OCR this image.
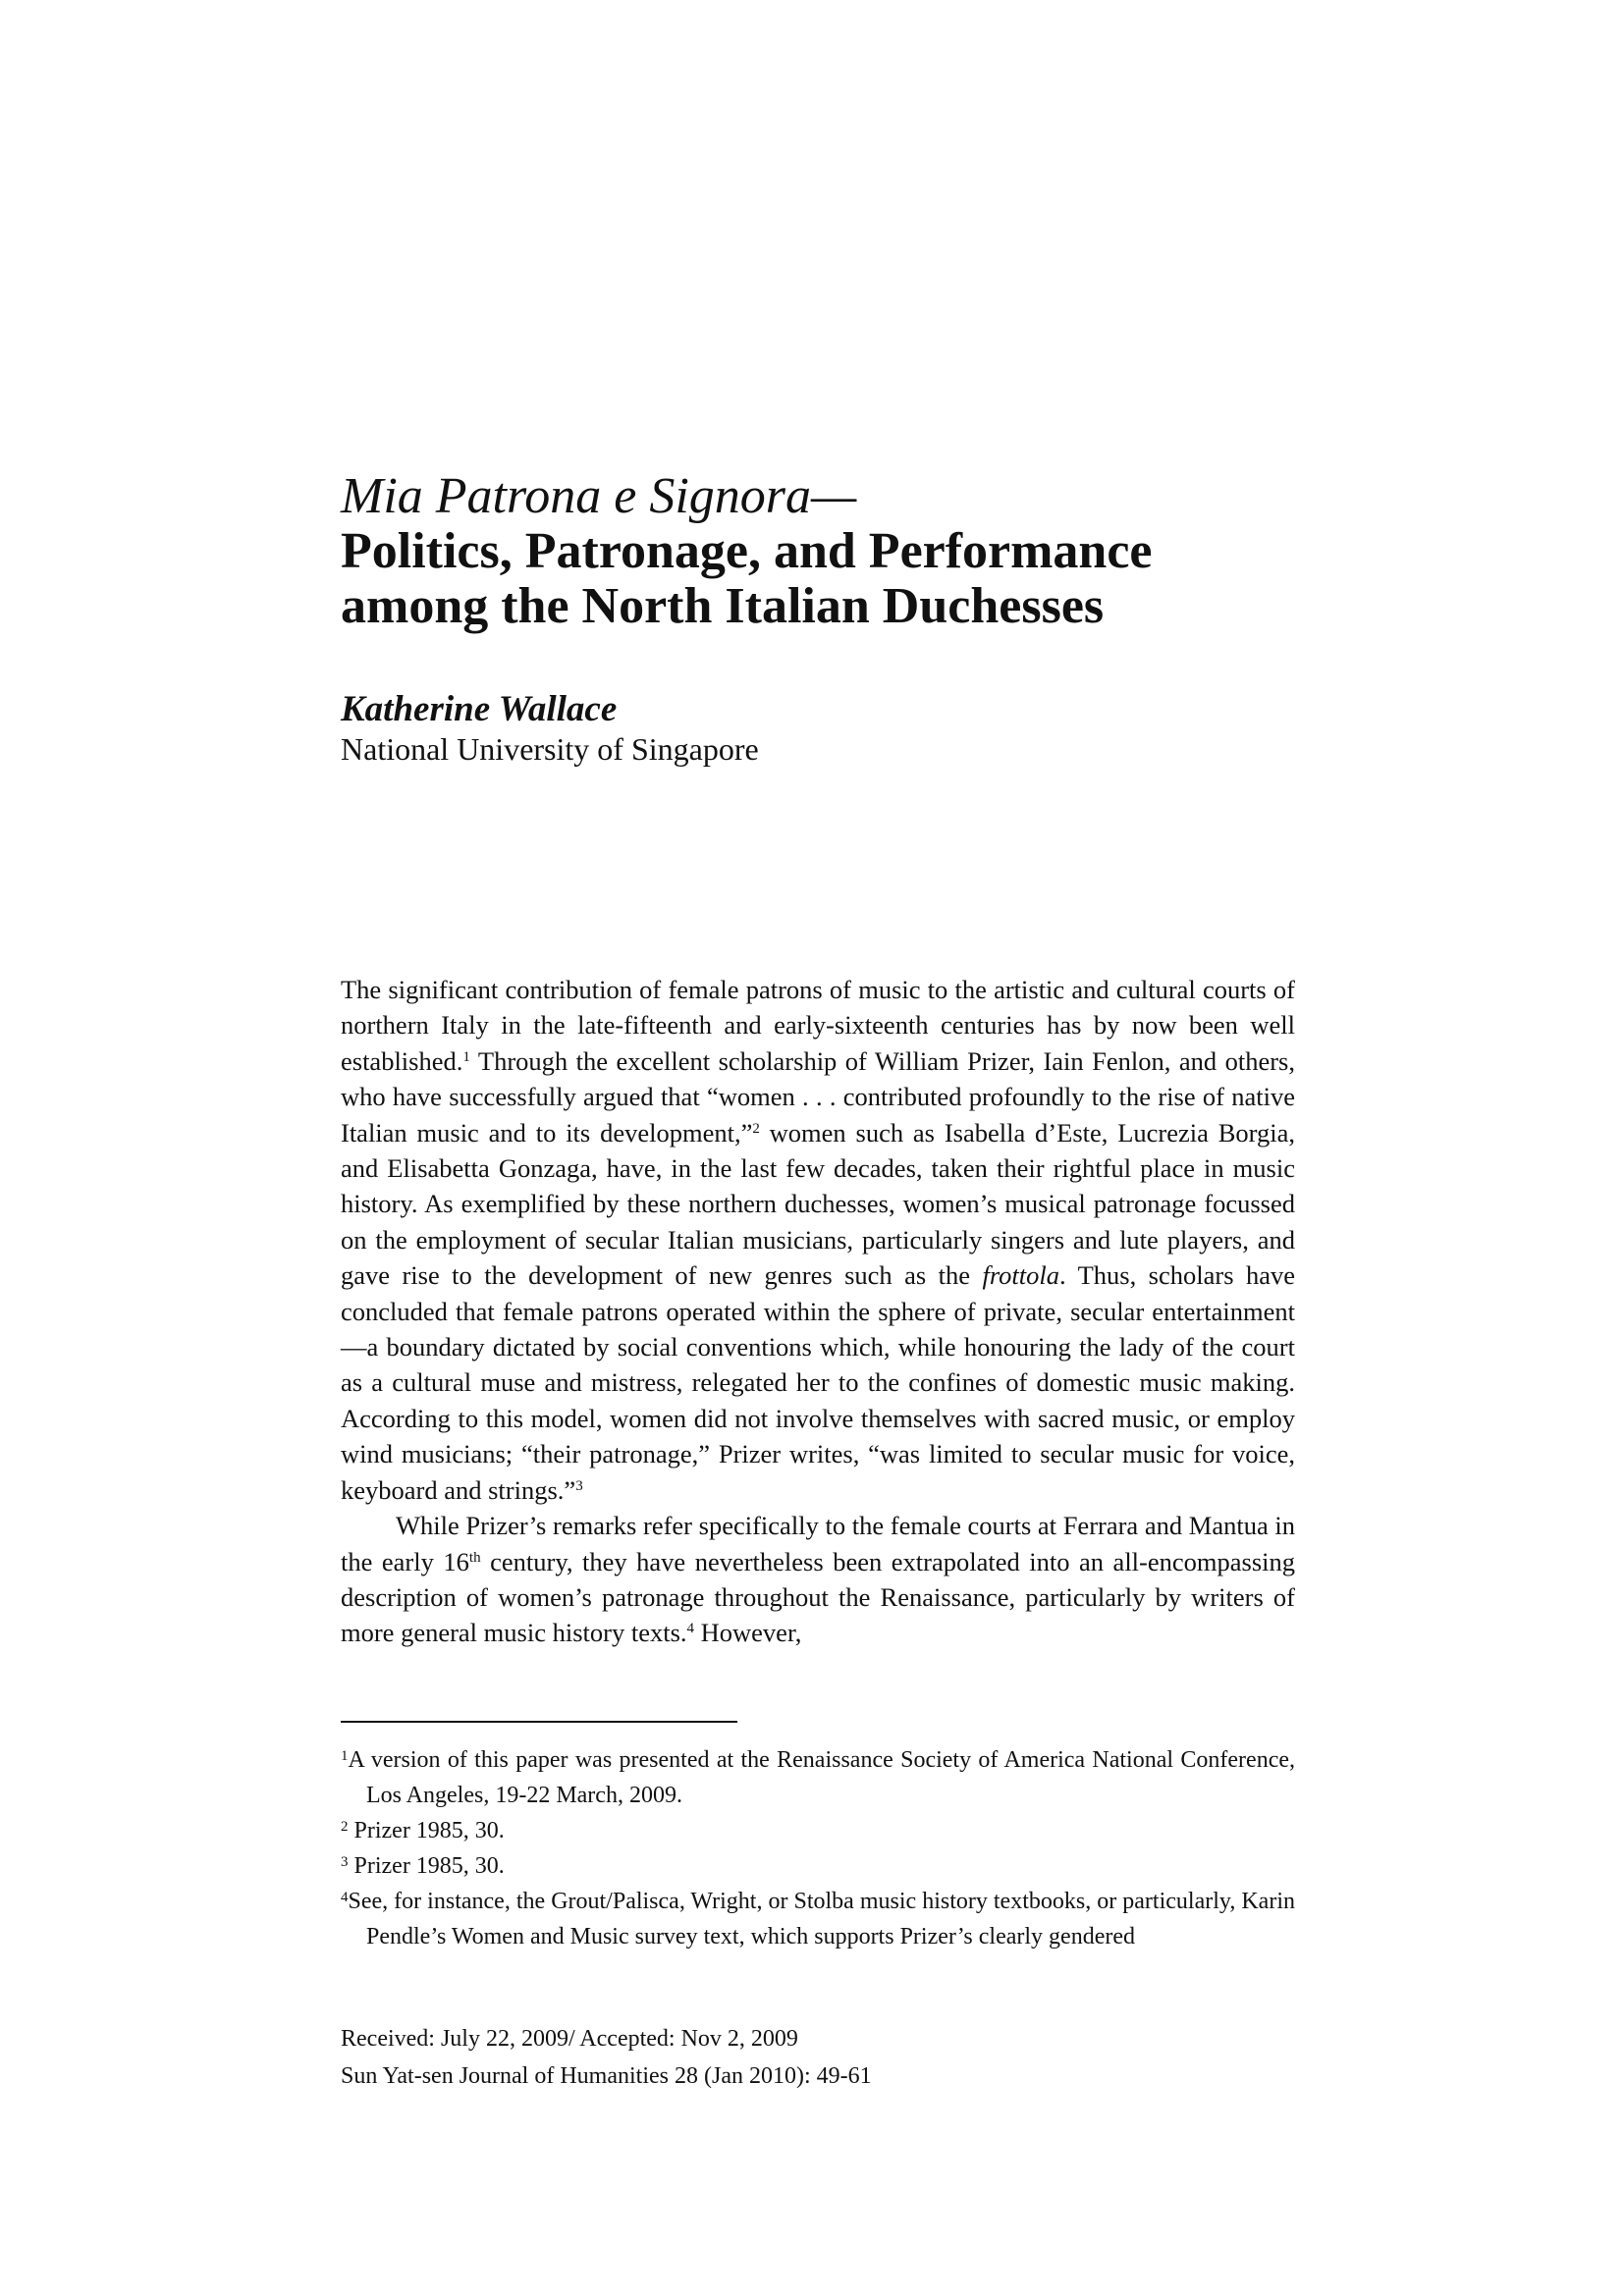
Mia Patrona e Signora—
Politics, Patronage, and Performance
among the North Italian Duchesses
Katherine Wallace
National University of Singapore

The significant contribution of female patrons of music to the artistic and cultural courts of northern Italy in the late-fifteenth and early-sixteenth centuries has by now been well established.$^1$ Through the excellent scholarship of William Prizer, Iain Fenlon, and others, who have successfully argued that “women . . . contributed profoundly to the rise of native Italian music and to its development,”$^2$ women such as Isabella d’Este, Lucrezia Borgia, and Elisabetta Gonzaga, have, in the last few decades, taken their rightful place in music history. As exemplified by these northern duchesses, women’s musical patronage focussed on the employment of secular Italian musicians, particularly singers and lute players, and gave rise to the development of new genres such as the frottola. Thus, scholars have concluded that female patrons operated within the sphere of private, secular entertainment—a boundary dictated by social conventions which, while honouring the lady of the court as a cultural muse and mistress, relegated her to the confines of domestic music making. According to this model, women did not involve themselves with sacred music, or employ wind musicians; “their patronage,” Prizer writes, “was limited to secular music for voice, keyboard and strings.”$^3$

While Prizer’s remarks refer specifically to the female courts at Ferrara and Mantua in the early 16th century, they have nevertheless been extrapolated into an all-encompassing description of women’s patronage throughout the Renaissance, particularly by writers of more general music history texts.$^4$ However,

$^1$A version of this paper was presented at the Renaissance Society of America National Conference, Los Angeles, 19-22 March, 2009.

$^2$ Prizer 1985, 30.

$^3$ Prizer 1985, 30.

$^4$See, for instance, the Grout/Palisca, Wright, or Stolba music history textbooks, or particularly, Karin Pendle’s Women and Music survey text, which supports Prizer’s clearly gendered

Received: July 22, 2009/ Accepted: Nov 2, 2009
Sun Yat-sen Journal of Humanities 28 (Jan 2010): 49-61
